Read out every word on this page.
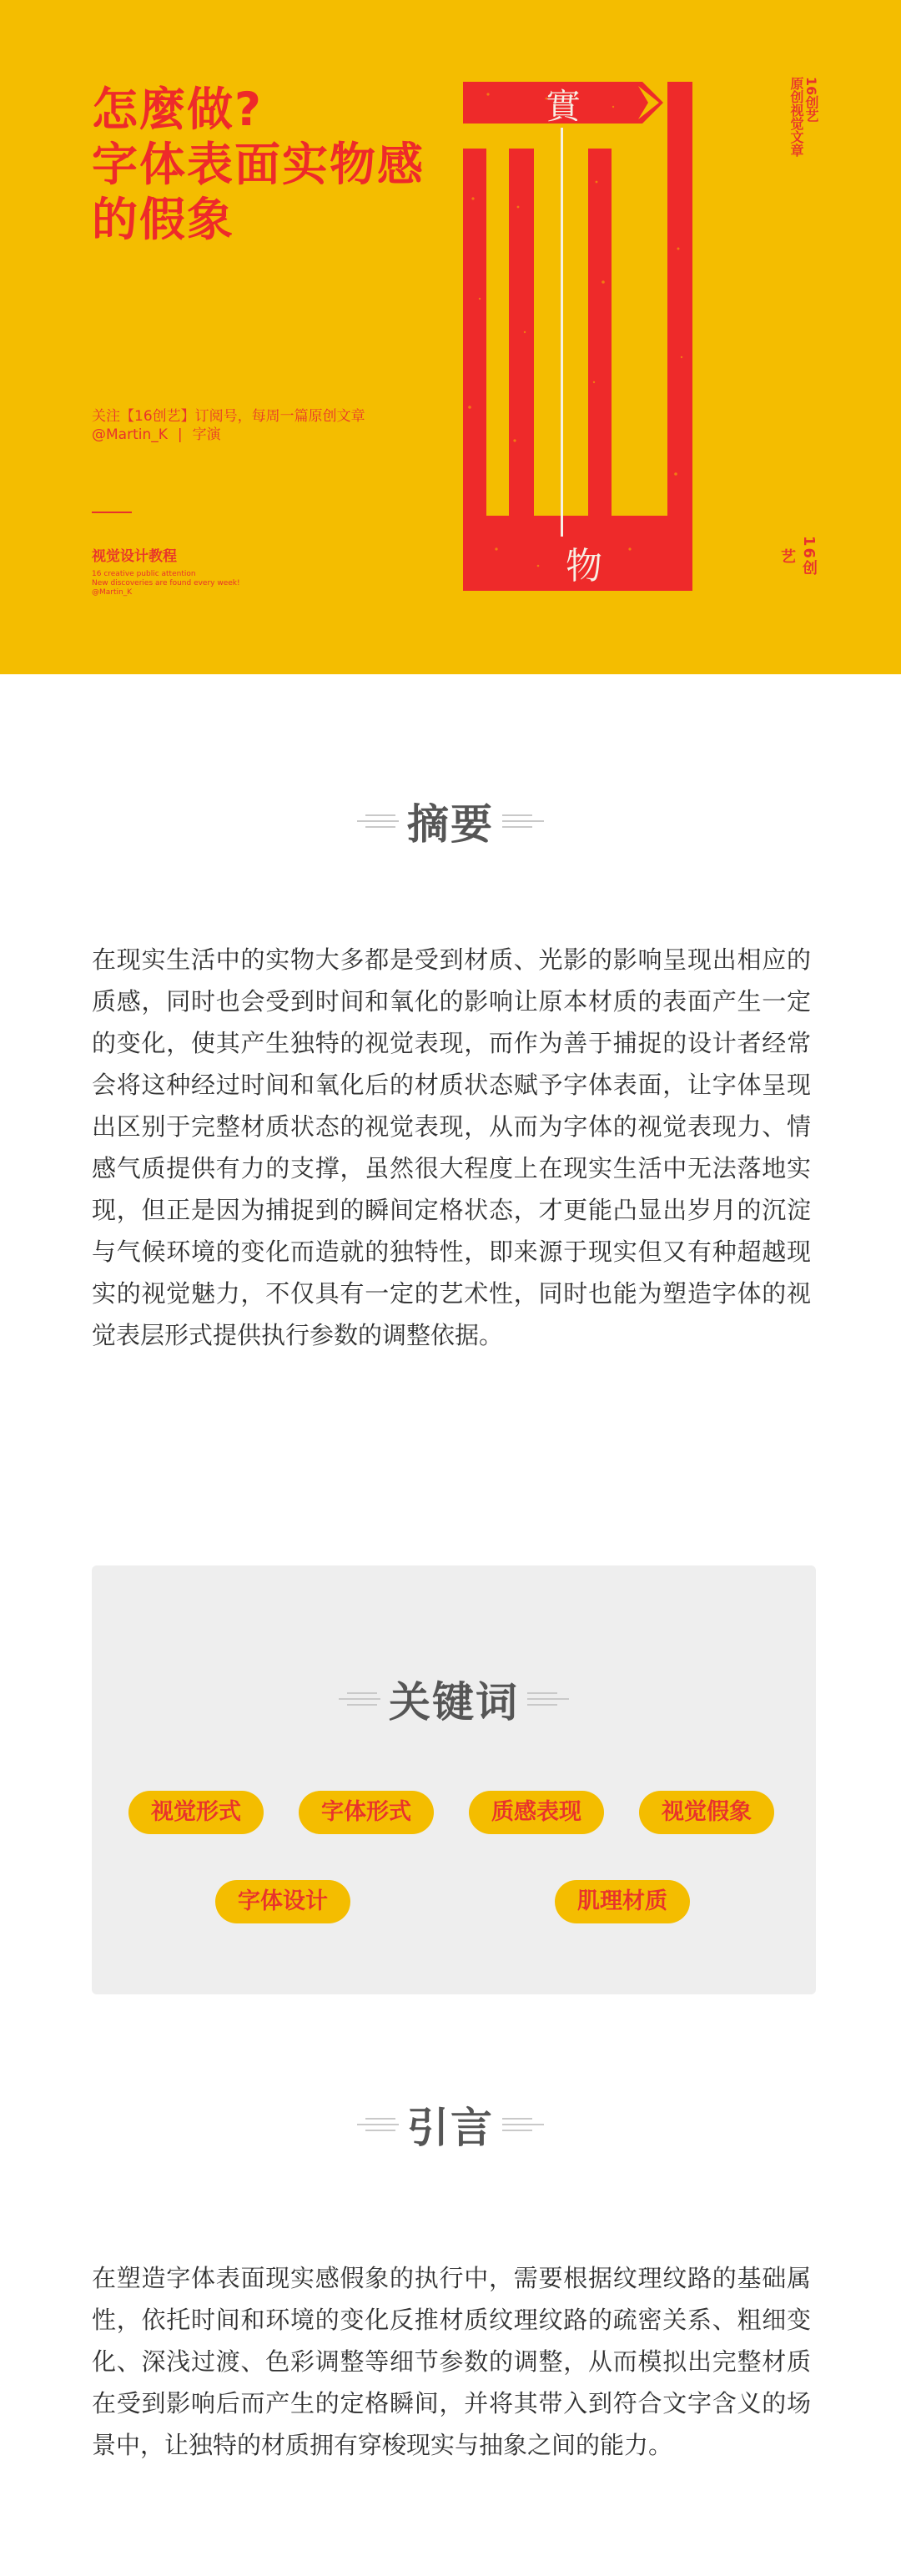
怎麼做?
字体表面实物感
的假象
关注【16创艺】订阅号，每周一篇原创文章
@Martin_K | 字演
视觉设计教程
16 creative public attention
New discoveries are found every week!
@Martin_K
16创艺
原创视觉文章
16创艺
實
物
摘要
在现实生活中的实物大多都是受到材质、光影的影响呈现出相应的质感，同时也会受到时间和氧化的影响让原本材质的表面产生一定的变化，使其产生独特的视觉表现，而作为善于捕捉的设计者经常会将这种经过时间和氧化后的材质状态赋予字体表面，让字体呈现出区别于完整材质状态的视觉表现，从而为字体的视觉表现力、情感气质提供有力的支撑，虽然很大程度上在现实生活中无法落地实现，但正是因为捕捉到的瞬间定格状态，才更能凸显出岁月的沉淀与气候环境的变化而造就的独特性，即来源于现实但又有种超越现实的视觉魅力，不仅具有一定的艺术性，同时也能为塑造字体的视觉表层形式提供执行参数的调整依据。
关键词
视觉形式	字体形式	质感表现	视觉假象
字体设计	肌理材质
引言
在塑造字体表面现实感假象的执行中，需要根据纹理纹路的基础属性，依托时间和环境的变化反推材质纹理纹路的疏密关系、粗细变化、深浅过渡、色彩调整等细节参数的调整，从而模拟出完整材质在受到影响后而产生的定格瞬间，并将其带入到符合文字含义的场景中，让独特的材质拥有穿梭现实与抽象之间的能力。
